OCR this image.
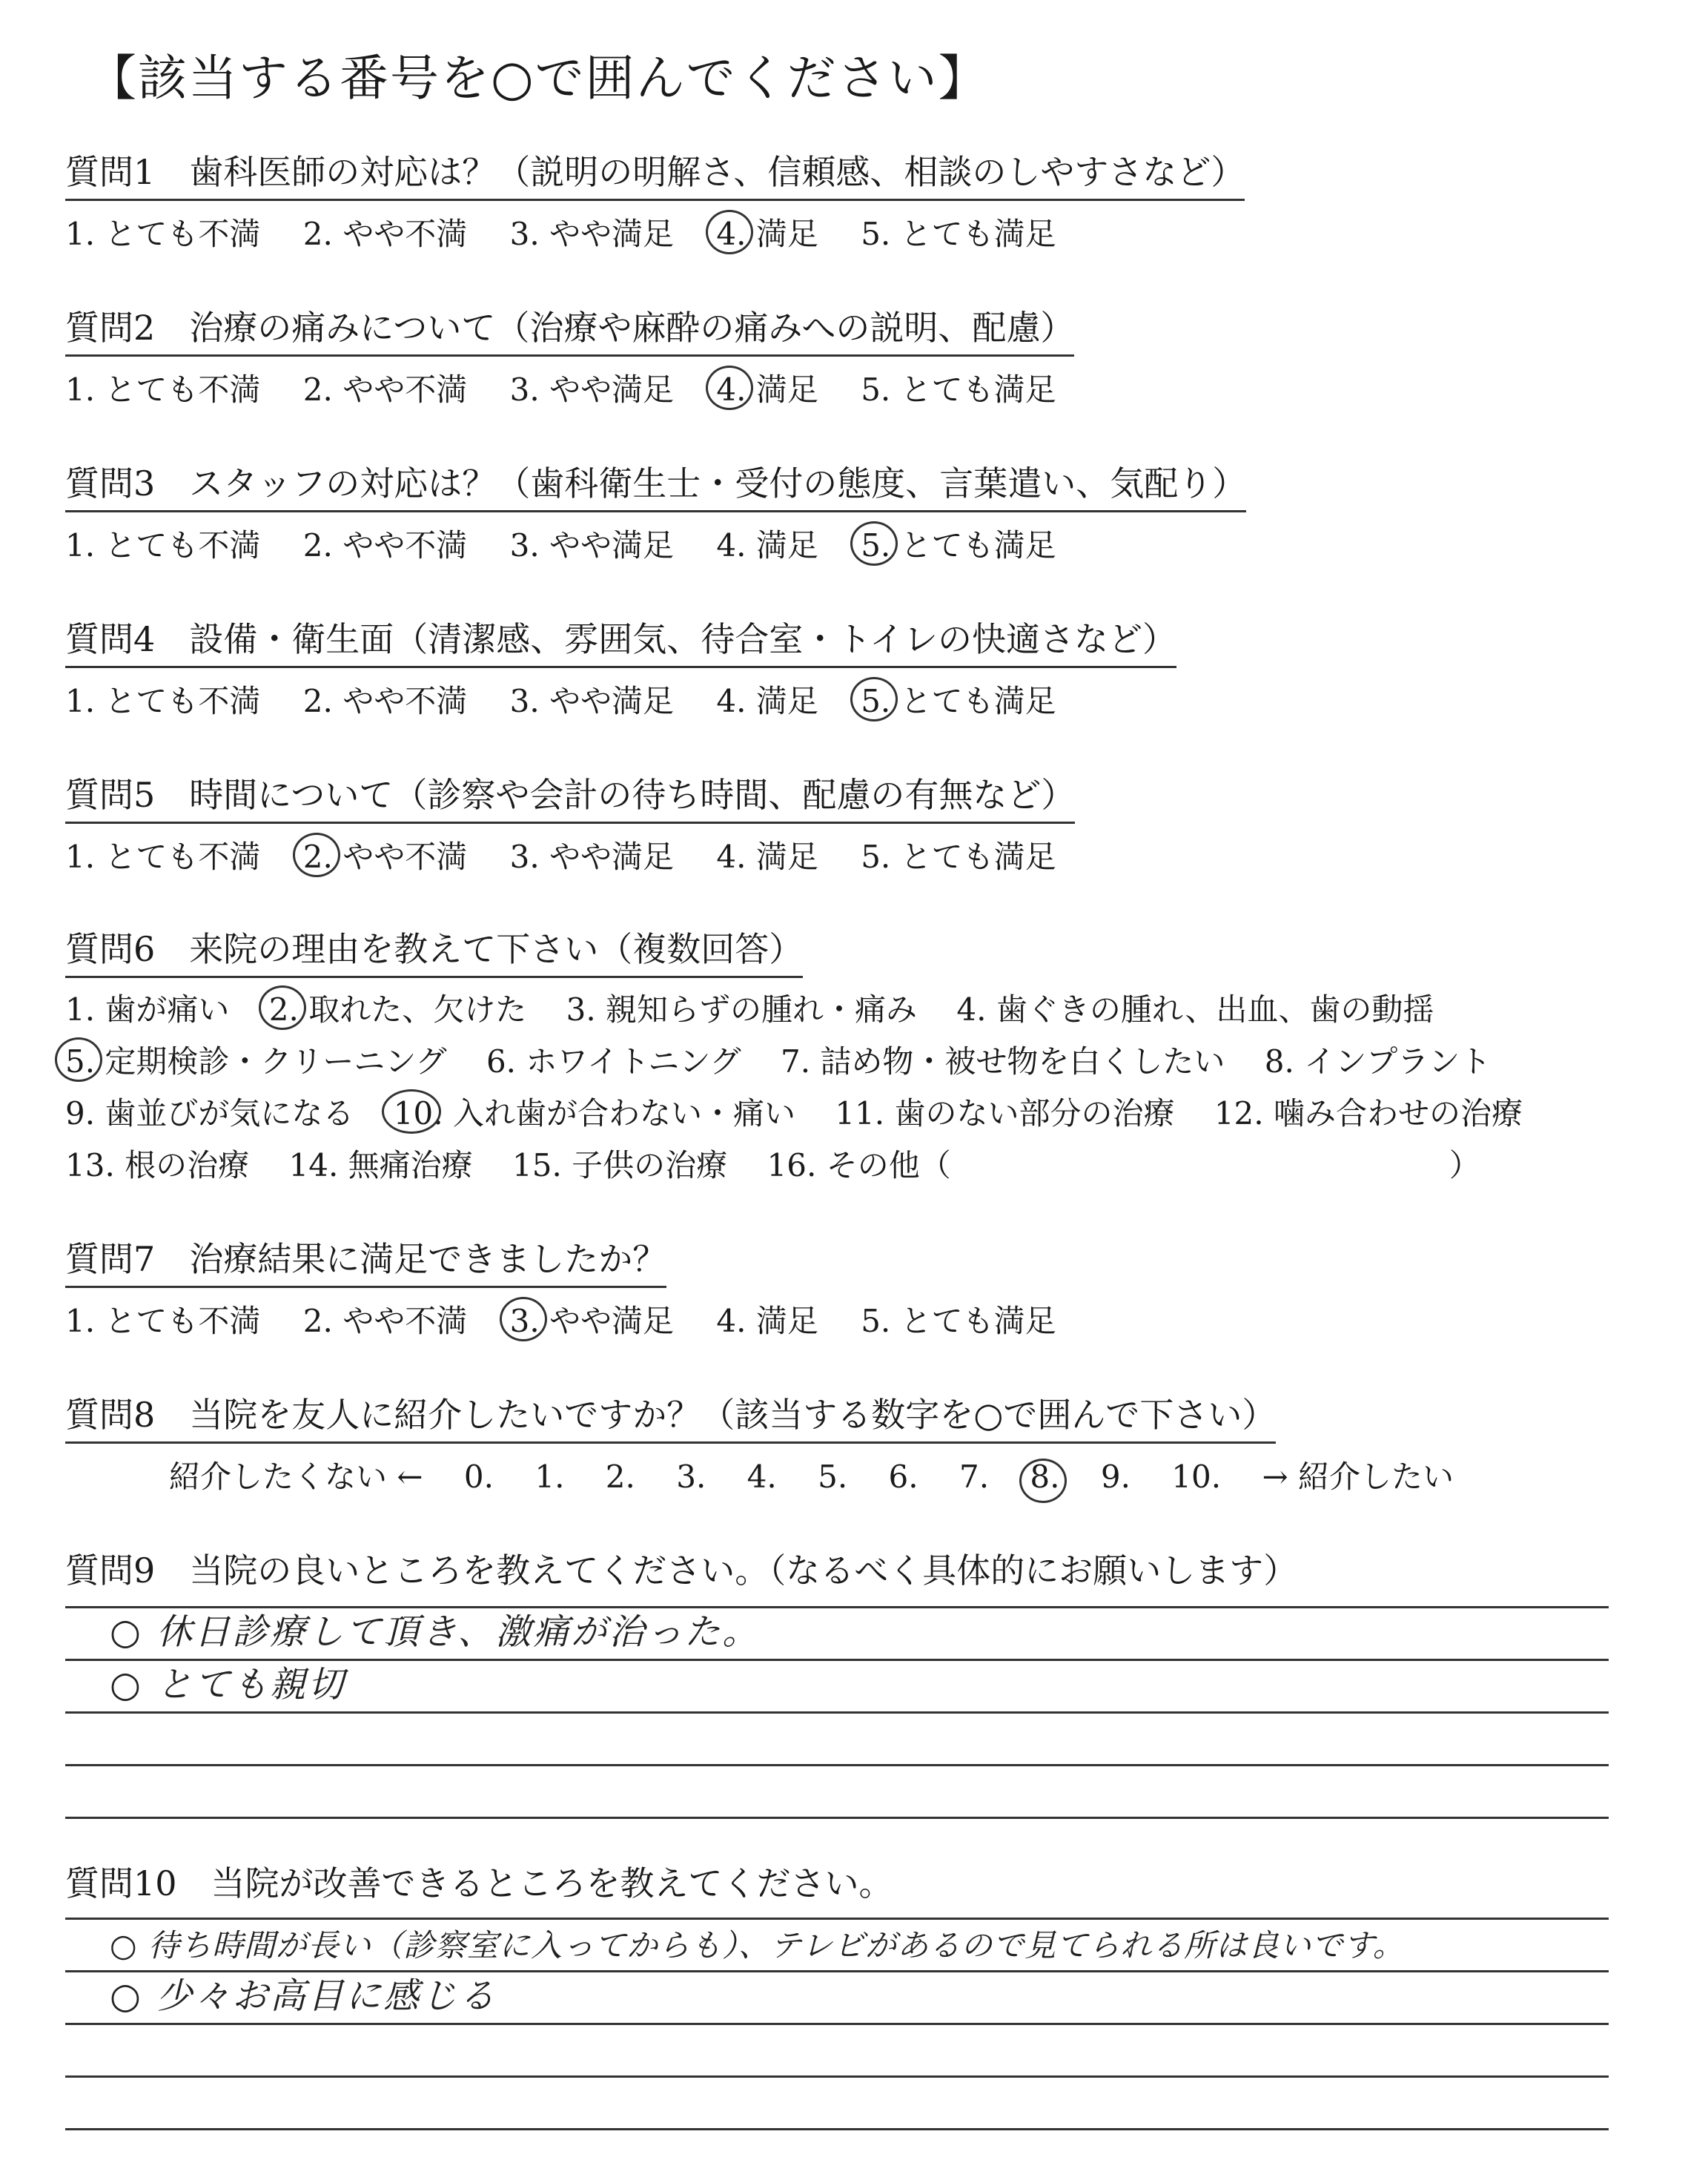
【該当する番号を○で囲んでください】
質問1　歯科医師の対応は？（説明の明解さ、信頼感、相談のしやすさなど）
1. とても不満 2. やや不満 3. やや満足 4. 満足 5. とても満足
質問2　治療の痛みについて（治療や麻酔の痛みへの説明、配慮）
1. とても不満 2. やや不満 3. やや満足 4. 満足 5. とても満足
質問3　スタッフの対応は？（歯科衛生士・受付の態度、言葉遣い、気配り）
1. とても不満 2. やや不満 3. やや満足 4. 満足 5. とても満足
質問4　設備・衛生面（清潔感、雰囲気、待合室・トイレの快適さなど）
1. とても不満 2. やや不満 3. やや満足 4. 満足 5. とても満足
質問5　時間について（診察や会計の待ち時間、配慮の有無など）
1. とても不満 2. やや不満 3. やや満足 4. 満足 5. とても満足
質問6　来院の理由を教えて下さい（複数回答）
1. 歯が痛い 2. 取れた、欠けた 3. 親知らずの腫れ・痛み 4. 歯ぐきの腫れ、出血、歯の動揺
5. 定期検診・クリーニング 6. ホワイトニング 7. 詰め物・被せ物を白くしたい 8. インプラント
9. 歯並びが気になる 10. 入れ歯が合わない・痛い 11. 歯のない部分の治療 12. 噛み合わせの治療
13. 根の治療 14. 無痛治療 15. 子供の治療 16. その他（　　　　　　　　　　　　　　　　）
質問7　治療結果に満足できましたか？
1. とても不満 2. やや不満 3. やや満足 4. 満足 5. とても満足
質問8　当院を友人に紹介したいですか？（該当する数字を○で囲んで下さい）
紹介したくない ← 0. 1. 2. 3. 4. 5. 6. 7. 8. 9. 10. → 紹介したい
質問9　当院の良いところを教えてください。（なるべく具体的にお願いします）
○ 休日診療して頂き、激痛が治った。
○ とても親切
質問10　当院が改善できるところを教えてください。
○ 待ち時間が長い（診察室に入ってからも）、テレビがあるので見てられる所は良いです。
○ 少々お高目に感じる
